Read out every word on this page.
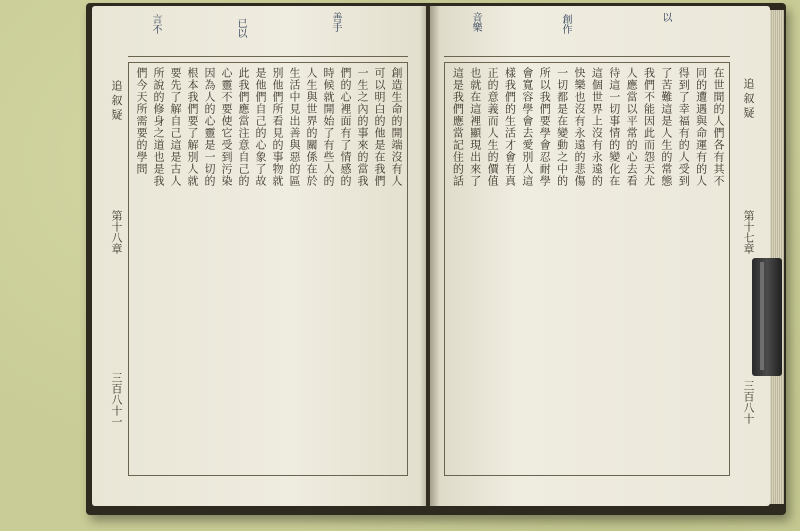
創造生命的開端沒有人
可以明白的他是在我們
一生之內的事來的當我
們的心裡面有了情感的
時候就開始了有些人的
人生與世界的關係在於
生活中見出善與惡的區
別他們所看見的事物就
是他們自己的心象了故
此我們應當注意自己的
心靈不要使它受到污染
因為人的心靈是一切的
根本我們要了解別人就
要先了解自己這是古人
所說的修身之道也是我
們今天所需要的學問
追 叙 疑
第十八章
三百八十一
言不	已以	善手
在世間的人們各有其不
同的遭遇與命運有的人
得到了幸福有的人受到
了苦難這是人生的常態
我們不能因此而怨天尤
人應當以平常的心去看
待這一切事情的變化在
這個世界上沒有永遠的
快樂也沒有永遠的悲傷
一切都是在變動之中的
所以我們要學會忍耐學
會寬容學會去愛別人這
樣我們的生活才會有真
正的意義而人生的價值
也就在這裡顯現出來了
這是我們應當記住的話	追 叙 疑
第十七章
三百八十
音樂	創作	以
